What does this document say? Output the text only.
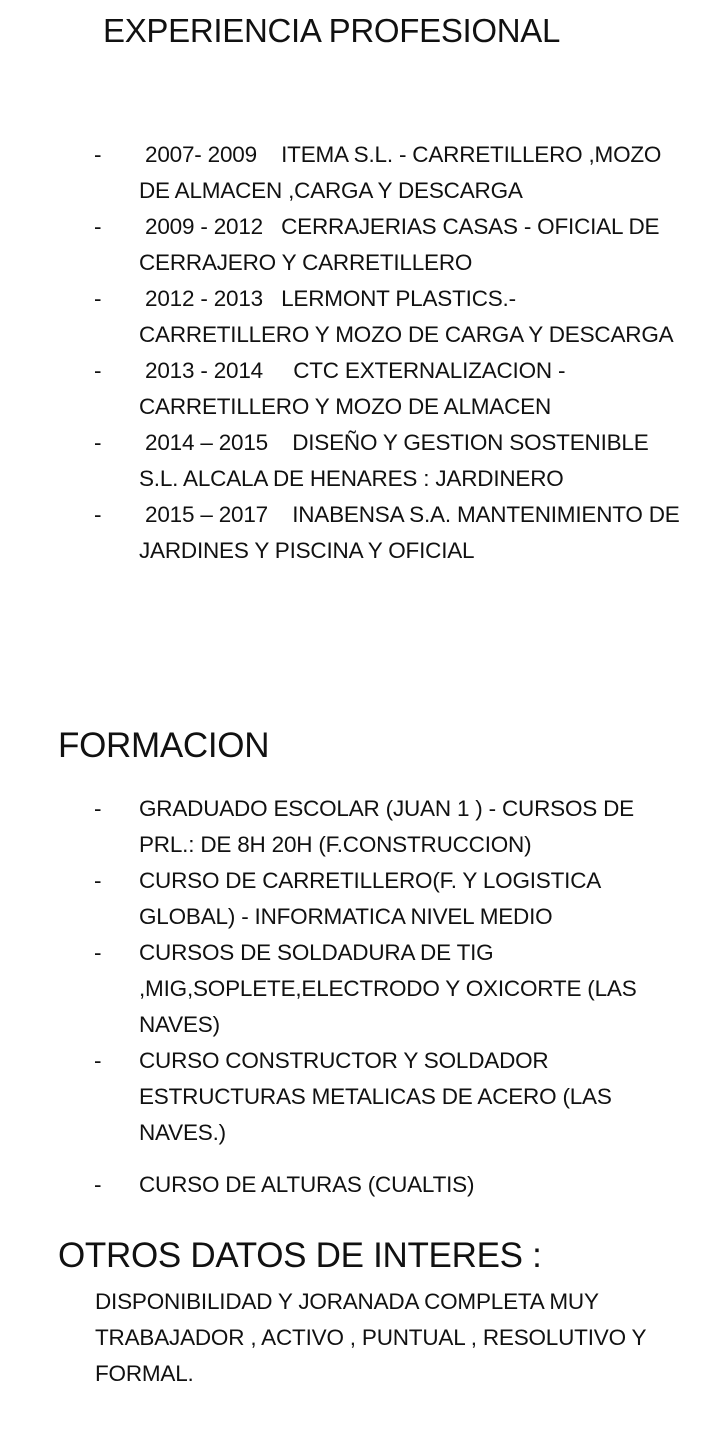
EXPERIENCIA PROFESIONAL
- 2007- 2009    ITEMA S.L. - CARRETILLERO ,MOZO DE ALMACEN ,CARGA Y DESCARGA
- 2009 - 2012   CERRAJERIAS CASAS - OFICIAL DE CERRAJERO Y CARRETILLERO
- 2012 - 2013   LERMONT PLASTICS.- CARRETILLERO Y MOZO DE CARGA Y DESCARGA
- 2013 - 2014     CTC EXTERNALIZACION - CARRETILLERO Y MOZO DE ALMACEN
- 2014 – 2015    DISEÑO Y GESTION SOSTENIBLE S.L. ALCALA DE HENARES : JARDINERO
- 2015 – 2017    INABENSA S.A. MANTENIMIENTO DE JARDINES Y PISCINA Y OFICIAL
FORMACION
- GRADUADO ESCOLAR (JUAN 1 ) - CURSOS DE PRL.: DE 8H 20H (F.CONSTRUCCION)
- CURSO DE CARRETILLERO(F. Y LOGISTICA GLOBAL) - INFORMATICA NIVEL MEDIO
- CURSOS DE SOLDADURA DE TIG ,MIG,SOPLETE,ELECTRODO Y OXICORTE (LAS NAVES)
- CURSO CONSTRUCTOR Y SOLDADOR ESTRUCTURAS METALICAS DE ACERO (LAS NAVES.)
- CURSO DE ALTURAS (CUALTIS)
OTROS DATOS DE INTERES :

DISPONIBILIDAD Y JORANADA COMPLETA MUY TRABAJADOR , ACTIVO , PUNTUAL , RESOLUTIVO Y FORMAL.
